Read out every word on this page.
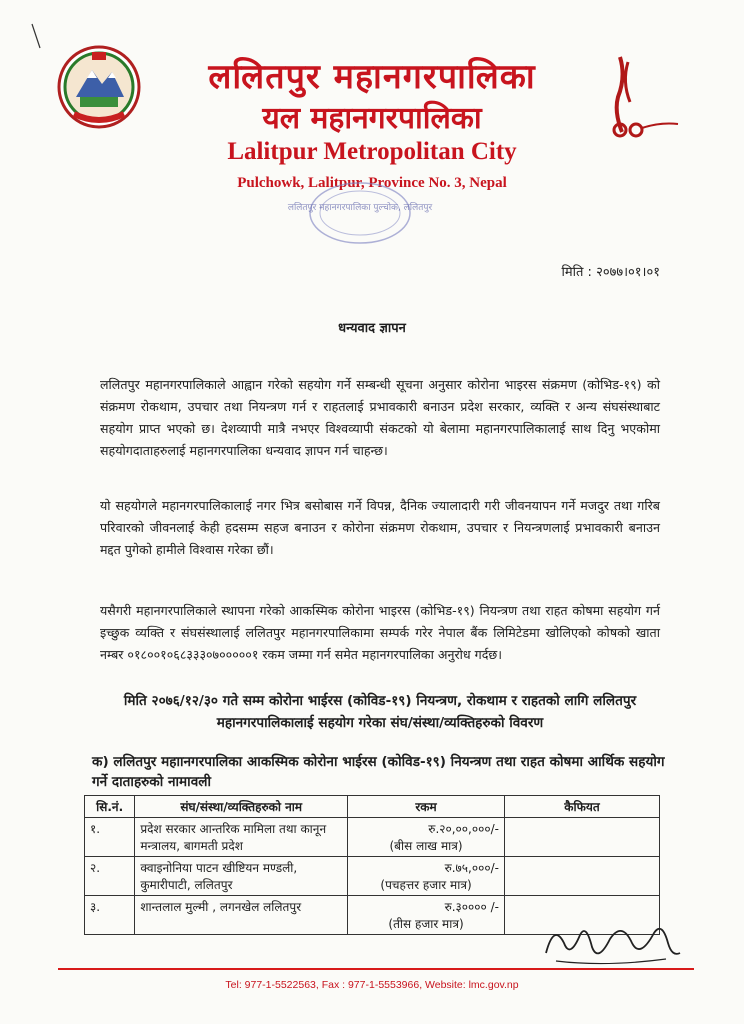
ललितपुर महानगरपालिका
यल महानगरपालिका
Lalitpur Metropolitan City
Pulchowk, Lalitpur, Province No. 3, Nepal
ललितपुर महानगरपालिका पुल्चोक, ललितपुर
मिति : २०७७।०१।०१
धन्यवाद ज्ञापन
ललितपुर महानगरपालिकाले आह्वान गरेको सहयोग गर्ने सम्बन्धी सूचना अनुसार कोरोना भाइरस संक्रमण (कोभिड-१९) को संक्रमण रोकथाम, उपचार तथा नियन्त्रण गर्न र राहतलाई प्रभावकारी बनाउन प्रदेश सरकार, व्यक्ति र अन्य संघसंस्थाबाट सहयोग प्राप्त भएको छ। देशव्यापी मात्रै नभएर विश्वव्यापी संकटको यो बेलामा महानगरपालिकालाई साथ दिनु भएकोमा सहयोगदाताहरुलाई महानगरपालिका धन्यवाद ज्ञापन गर्न चाहन्छ।
यो सहयोगले महानगरपालिकालाई नगर भित्र बसोबास गर्ने विपन्न, दैनिक ज्यालादारी गरी जीवनयापन गर्ने मजदुर तथा गरिब परिवारको जीवनलाई केही हदसम्म सहज बनाउन र कोरोना संक्रमण रोकथाम, उपचार र नियन्त्रणलाई प्रभावकारी बनाउन मद्दत पुगेको हामीले विश्वास गरेका छौं।
यसैगरी महानगरपालिकाले स्थापना गरेको आकस्मिक कोरोना भाइरस (कोभिड-१९) नियन्त्रण तथा राहत कोषमा सहयोग गर्न इच्छुक व्यक्ति र संघसंस्थालाई ललितपुर महानगरपालिकामा सम्पर्क गरेर नेपाल बैंक लिमिटेडमा खोलिएको कोषको खाता नम्बर ०१८००१०६८३३३०७०००००१ रकम जम्मा गर्न समेत महानगरपालिका अनुरोध गर्दछ।
मिति २०७६/१२/३० गते सम्म कोरोना भाईरस (कोविड-१९) नियन्त्रण, रोकथाम र राहतको लागि ललितपुर महानगरपालिकालाई सहयोग गरेका संघ/संस्था/व्यक्तिहरुको विवरण
क) ललितपुर महाानगरपालिका आकस्मिक कोरोना भाईरस (कोविड-१९) नियन्त्रण तथा राहत कोषमा आर्थिक सहयोग गर्ने दाताहरुको नामावली
सि.नं.	संघ/संस्था/व्यक्तिहरुको नाम	रकम	कैफियत
१.	प्रदेश सरकार आन्तरिक मामिला तथा कानून मन्त्रालय, बागमती प्रदेश	रु.२०,००,०००/-
(बीस लाख मात्र)	

२.	क्वाइनोनिया पाटन खीष्टियन मण्डली, कुमारीपाटी, ललितपुर	रु.७५,०००/-
(पचहत्तर हजार मात्र)	

३.	शान्तलाल मुल्मी , लगनखेल ललितपुर	रु.३०००० /-
(तीस हजार मात्र)	

Tel: 977-1-5522563, Fax : 977-1-5553966, Website: lmc.gov.np
